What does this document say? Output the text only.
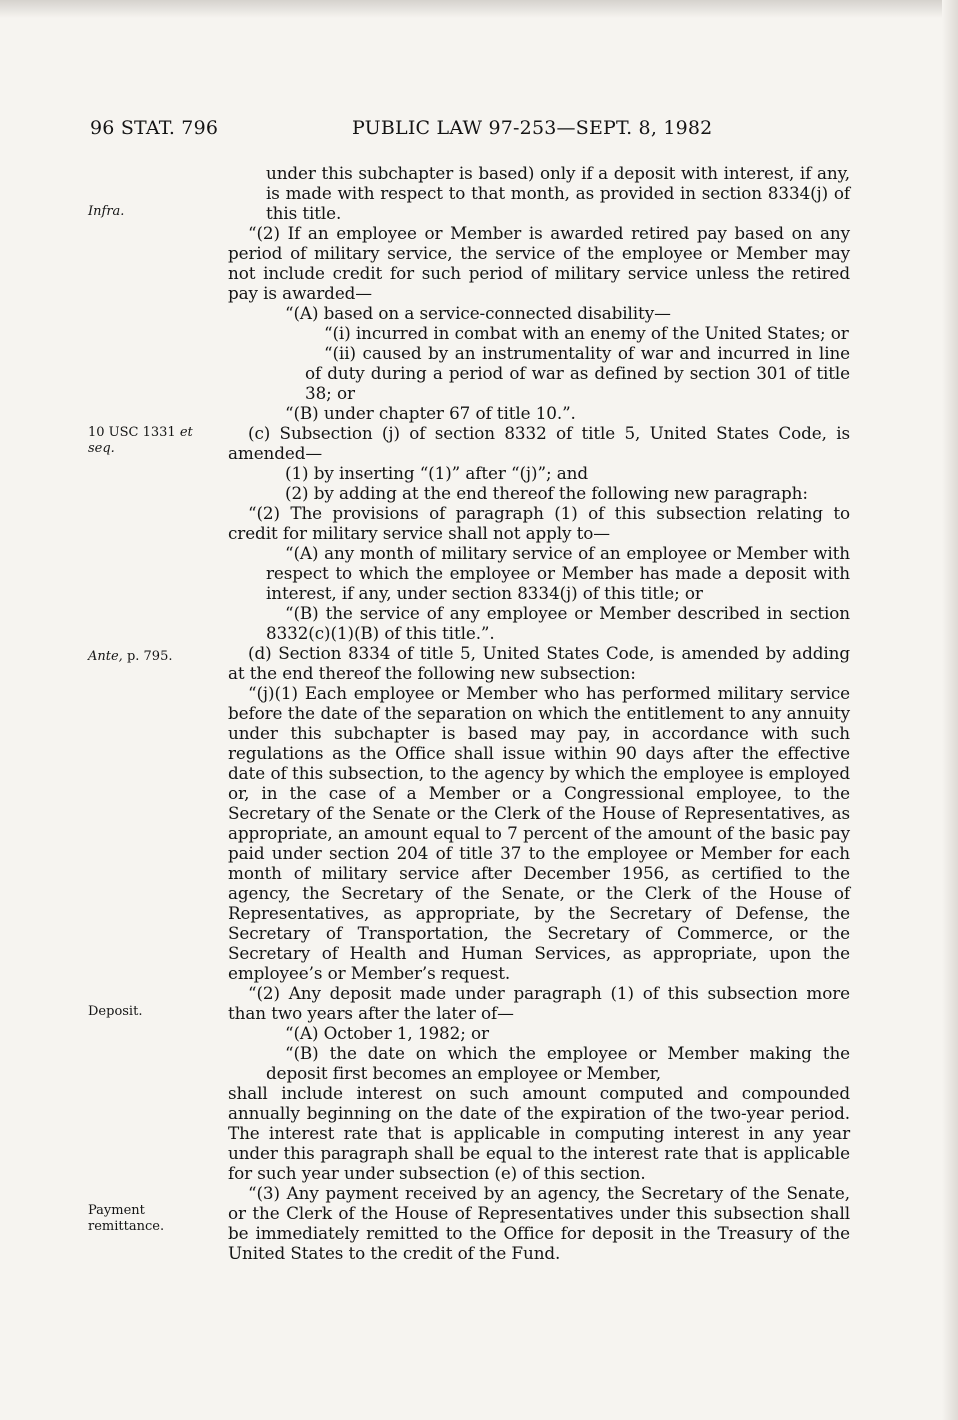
96 STAT. 796	PUBLIC LAW 97-253—SEPT. 8, 1982
Infra.
10 USC 1331 et
seq.
Ante, p. 795.
Deposit.
Payment
remittance.

under this subchapter is based) only if a deposit with interest, if any, is made with respect to that month, as provided in section 8334(j) of this title.

“(2) If an employee or Member is awarded retired pay based on any period of military service, the service of the employee or Member may not include credit for such period of military service unless the retired pay is awarded—

“(A) based on a service-connected disability—

“(i) incurred in combat with an enemy of the United States; or

“(ii) caused by an instrumentality of war and incurred in line of duty during a period of war as defined by section 301 of title 38; or

“(B) under chapter 67 of title 10.”.

(c) Subsection (j) of section 8332 of title 5, United States Code, is amended—

(1) by inserting “(1)” after “(j)”; and

(2) by adding at the end thereof the following new paragraph:

“(2) The provisions of paragraph (1) of this subsection relating to credit for military service shall not apply to—

“(A) any month of military service of an employee or Member with respect to which the employee or Member has made a deposit with interest, if any, under section 8334(j) of this title; or

“(B) the service of any employee or Member described in section 8332(c)(1)(B) of this title.”.

(d) Section 8334 of title 5, United States Code, is amended by adding at the end thereof the following new subsection:

“(j)(1) Each employee or Member who has performed military service before the date of the separation on which the entitlement to any annuity under this subchapter is based may pay, in accordance with such regulations as the Office shall issue within 90 days after the effective date of this subsection, to the agency by which the employee is employed or, in the case of a Member or a Congressional employee, to the Secretary of the Senate or the Clerk of the House of Representatives, as appropriate, an amount equal to 7 percent of the amount of the basic pay paid under section 204 of title 37 to the employee or Member for each month of military service after December 1956, as certified to the agency, the Secretary of the Senate, or the Clerk of the House of Representatives, as appropriate, by the Secretary of Defense, the Secretary of Transportation, the Secretary of Commerce, or the Secretary of Health and Human Services, as appropriate, upon the employee’s or Member’s request.

“(2) Any deposit made under paragraph (1) of this subsection more than two years after the later of—

“(A) October 1, 1982; or

“(B) the date on which the employee or Member making the deposit first becomes an employee or Member,

shall include interest on such amount computed and compounded annually beginning on the date of the expiration of the two-year period. The interest rate that is applicable in computing interest in any year under this paragraph shall be equal to the interest rate that is applicable for such year under subsection (e) of this section.

“(3) Any payment received by an agency, the Secretary of the Senate, or the Clerk of the House of Representatives under this subsection shall be immediately remitted to the Office for deposit in the Treasury of the United States to the credit of the Fund.
